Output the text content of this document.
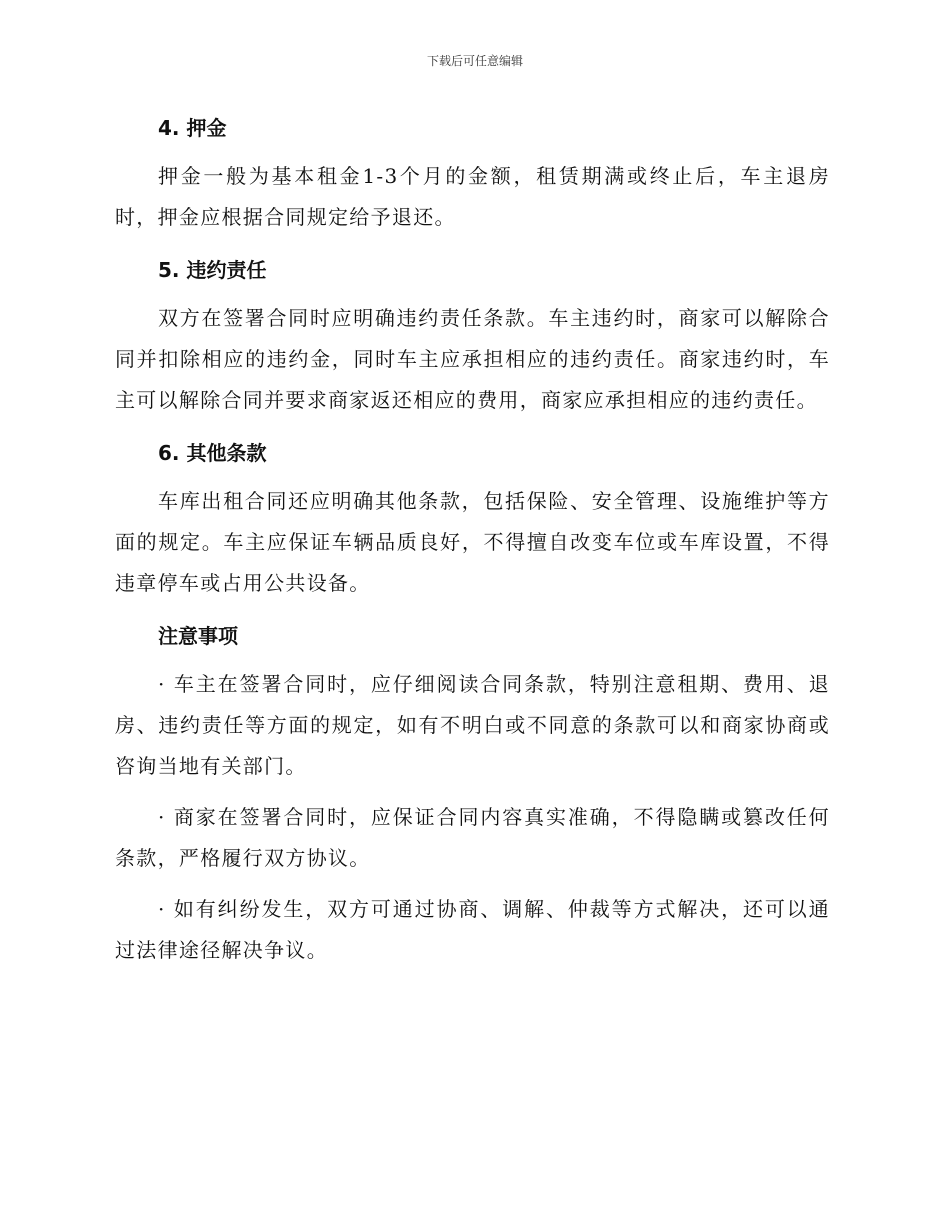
下载后可任意编辑
4. 押金

押金一般为基本租金1-3个月的金额，租赁期满或终止后，车主退房时，押金应根据合同规定给予退还。

5. 违约责任

双方在签署合同时应明确违约责任条款。车主违约时，商家可以解除合同并扣除相应的违约金，同时车主应承担相应的违约责任。商家违约时，车主可以解除合同并要求商家返还相应的费用，商家应承担相应的违约责任。

6. 其他条款

车库出租合同还应明确其他条款，包括保险、安全管理、设施维护等方面的规定。车主应保证车辆品质良好，不得擅自改变车位或车库设置，不得违章停车或占用公共设备。

注意事项

· 车主在签署合同时，应仔细阅读合同条款，特别注意租期、费用、退房、违约责任等方面的规定，如有不明白或不同意的条款可以和商家协商或咨询当地有关部门。

· 商家在签署合同时，应保证合同内容真实准确，不得隐瞒或篡改任何条款，严格履行双方协议。

· 如有纠纷发生，双方可通过协商、调解、仲裁等方式解决，还可以通过法律途径解决争议。
